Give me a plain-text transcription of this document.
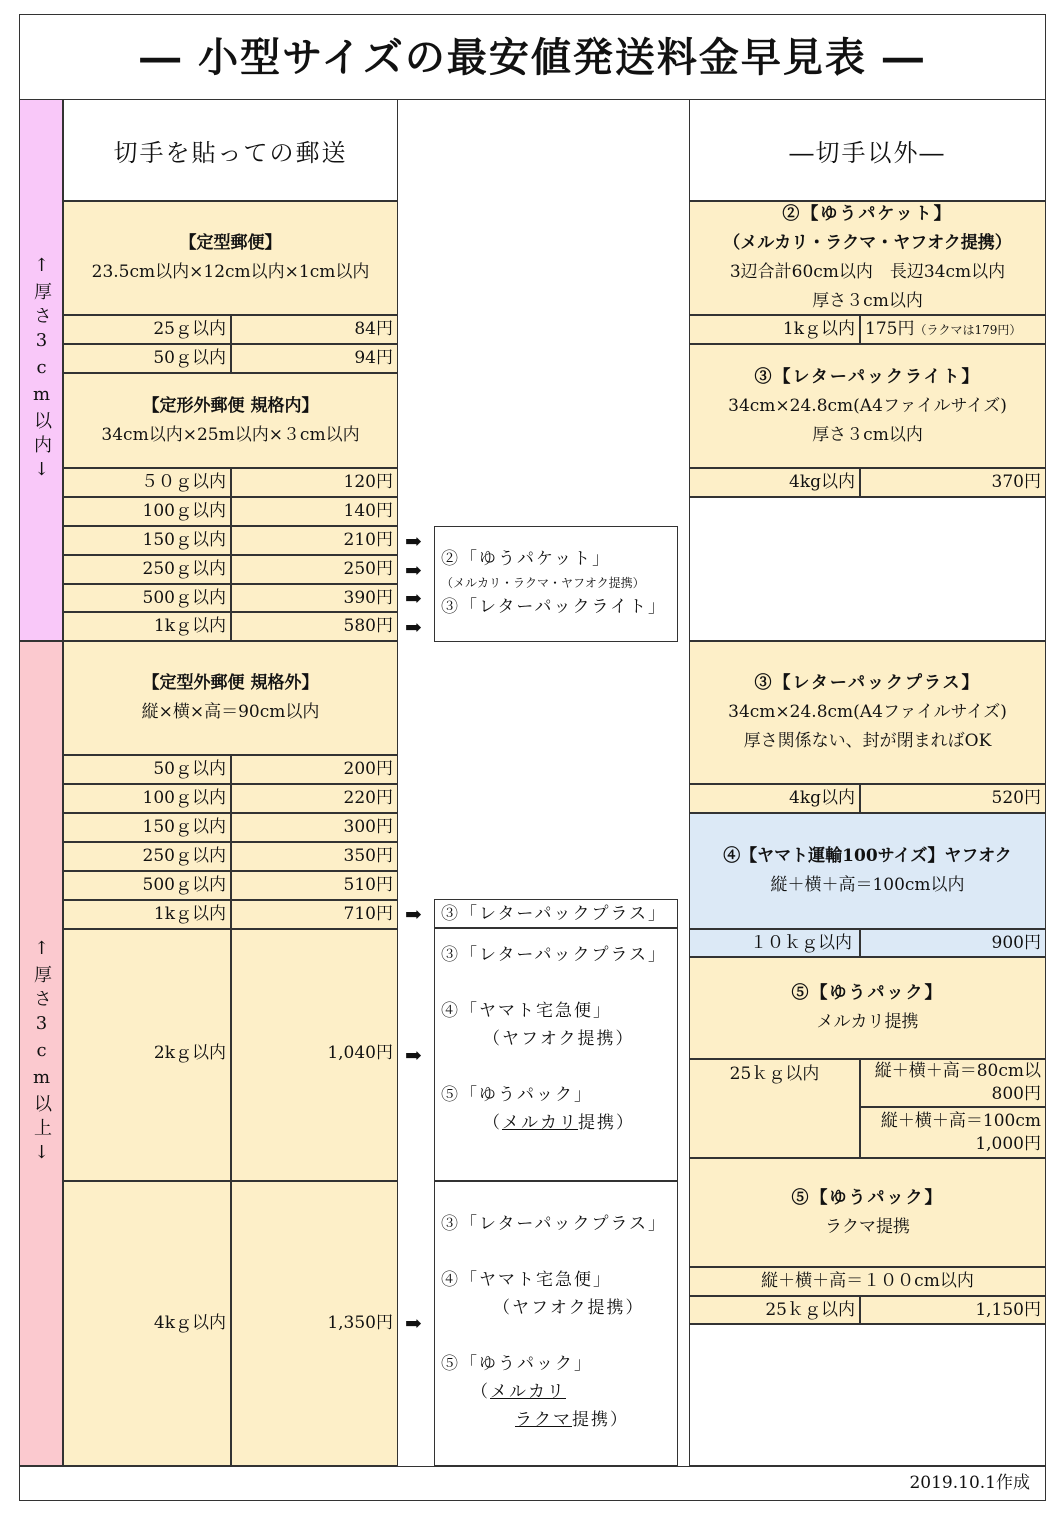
― 小型サイズの最安値発送料金早見表 ―
↑厚さ3cm以内↓
↑厚さ3cm以上↓
切手を貼っての郵送
【定型郵便】
23.5cm以内×12cm以内×1cm以内
25ｇ以内	84円
50ｇ以内	94円
【定形外郵便 規格内】
34cm以内×25m以内×３cm以内
５０ｇ以内	120円
100ｇ以内	140円
150ｇ以内	210円
250ｇ以内	250円
500ｇ以内	390円
1kｇ以内	580円
【定型外郵便 規格外】
縦×横×高＝90cm以内
50ｇ以内	200円
100ｇ以内	220円
150ｇ以内	300円
250ｇ以内	350円
500ｇ以内	510円
1kｇ以内	710円
2kｇ以内	1,040円
4kｇ以内	1,350円
➡
➡
➡
➡
➡
➡
➡
②「ゆうパケット」
（メルカリ・ラクマ・ヤフオク提携）
③「レターパックライト」
③「レターパックプラス」
③「レターパックプラス」
④「ヤマト宅急便」
（ヤフオク提携）
⑤「ゆうパック」
（メルカリ提携）
③「レターパックプラス」
④「ヤマト宅急便」
（ヤフオク提携）
⑤「ゆうパック」
（メルカリ
ラクマ提携）
―切手以外―
②【ゆうパケット】
（メルカリ・ラクマ・ヤフオク提携）
3辺合計60cm以内　長辺34cm以内
厚さ３cm以内
1kｇ以内 175円（ラクマは179円）
③【レターパックライト】
34cm×24.8cm(A4ファイルサイズ)
厚さ３cm以内
4kg以内	370円
③【レターパックプラス】
34cm×24.8cm(A4ファイルサイズ)
厚さ関係ない、封が閉まればOK
4kg以内	520円
④【ヤマト運輸100サイズ】ヤフオク
縦＋横＋高＝100cm以内
１０ｋｇ以内	900円
⑤【ゆうパック】
メルカリ提携
25ｋｇ以内	縦＋横＋高＝80cm以
800円
縦＋横＋高＝100cm
1,000円
⑤【ゆうパック】
ラクマ提携
縦＋横＋高＝１００cm以内
25ｋｇ以内	1,150円
2019.10.1作成
